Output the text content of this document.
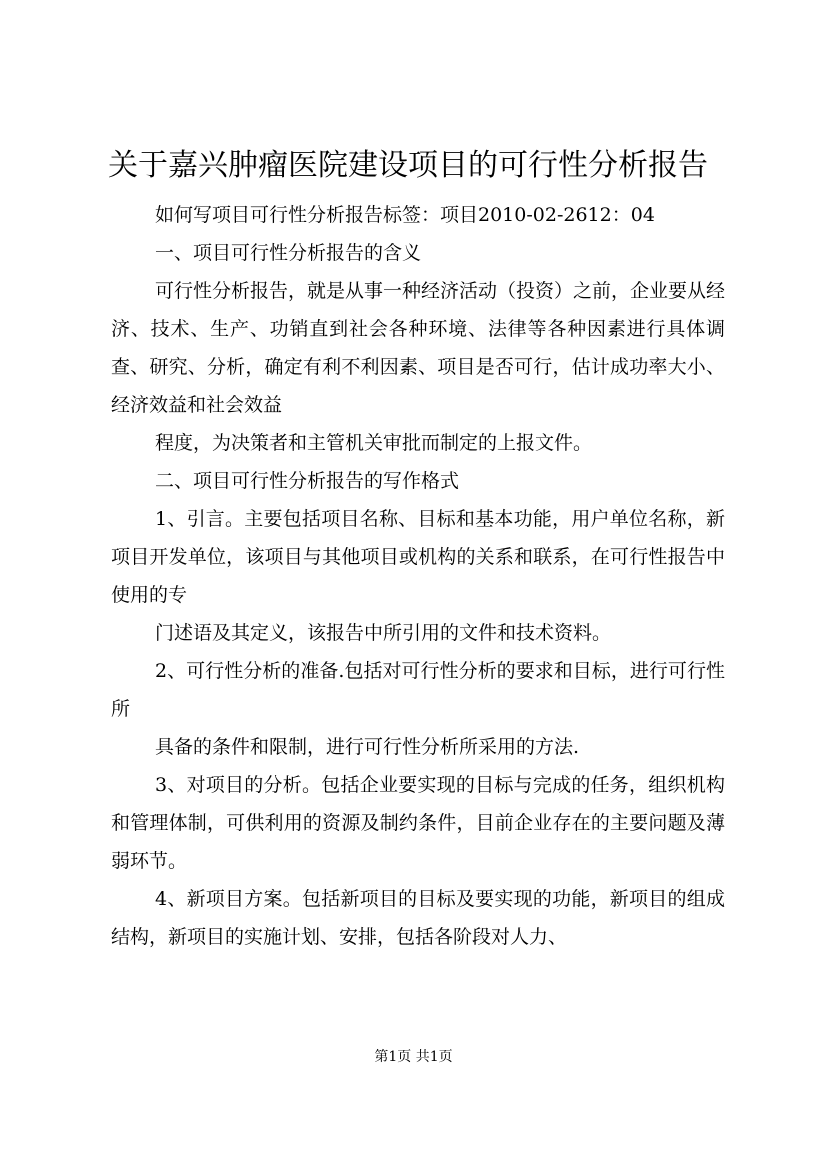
关于嘉兴肿瘤医院建设项目的可行性分析报告

如何写项目可行性分析报告标签：项目2010-02-2612：04

一、项目可行性分析报告的含义

可行性分析报告，就是从事一种经济活动（投资）之前，企业要从经济、技术、生产、功销直到社会各种环境、法律等各种因素进行具体调查、研究、分析，确定有利不利因素、项目是否可行，估计成功率大小、经济效益和社会效益

程度，为决策者和主管机关审批而制定的上报文件。

二、项目可行性分析报告的写作格式

1、引言。主要包括项目名称、目标和基本功能，用户单位名称，新项目开发单位，该项目与其他项目或机构的关系和联系，在可行性报告中使用的专

门述语及其定义，该报告中所引用的文件和技术资料。

2、可行性分析的准备.包括对可行性分析的要求和目标，进行可行性所

具备的条件和限制，进行可行性分析所采用的方法.

3、对项目的分析。包括企业要实现的目标与完成的任务，组织机构和管理体制，可供利用的资源及制约条件，目前企业存在的主要问题及薄弱环节。

4、新项目方案。包括新项目的目标及要实现的功能，新项目的组成结构，新项目的实施计划、安排，包括各阶段对人力、

第1页 共1页
